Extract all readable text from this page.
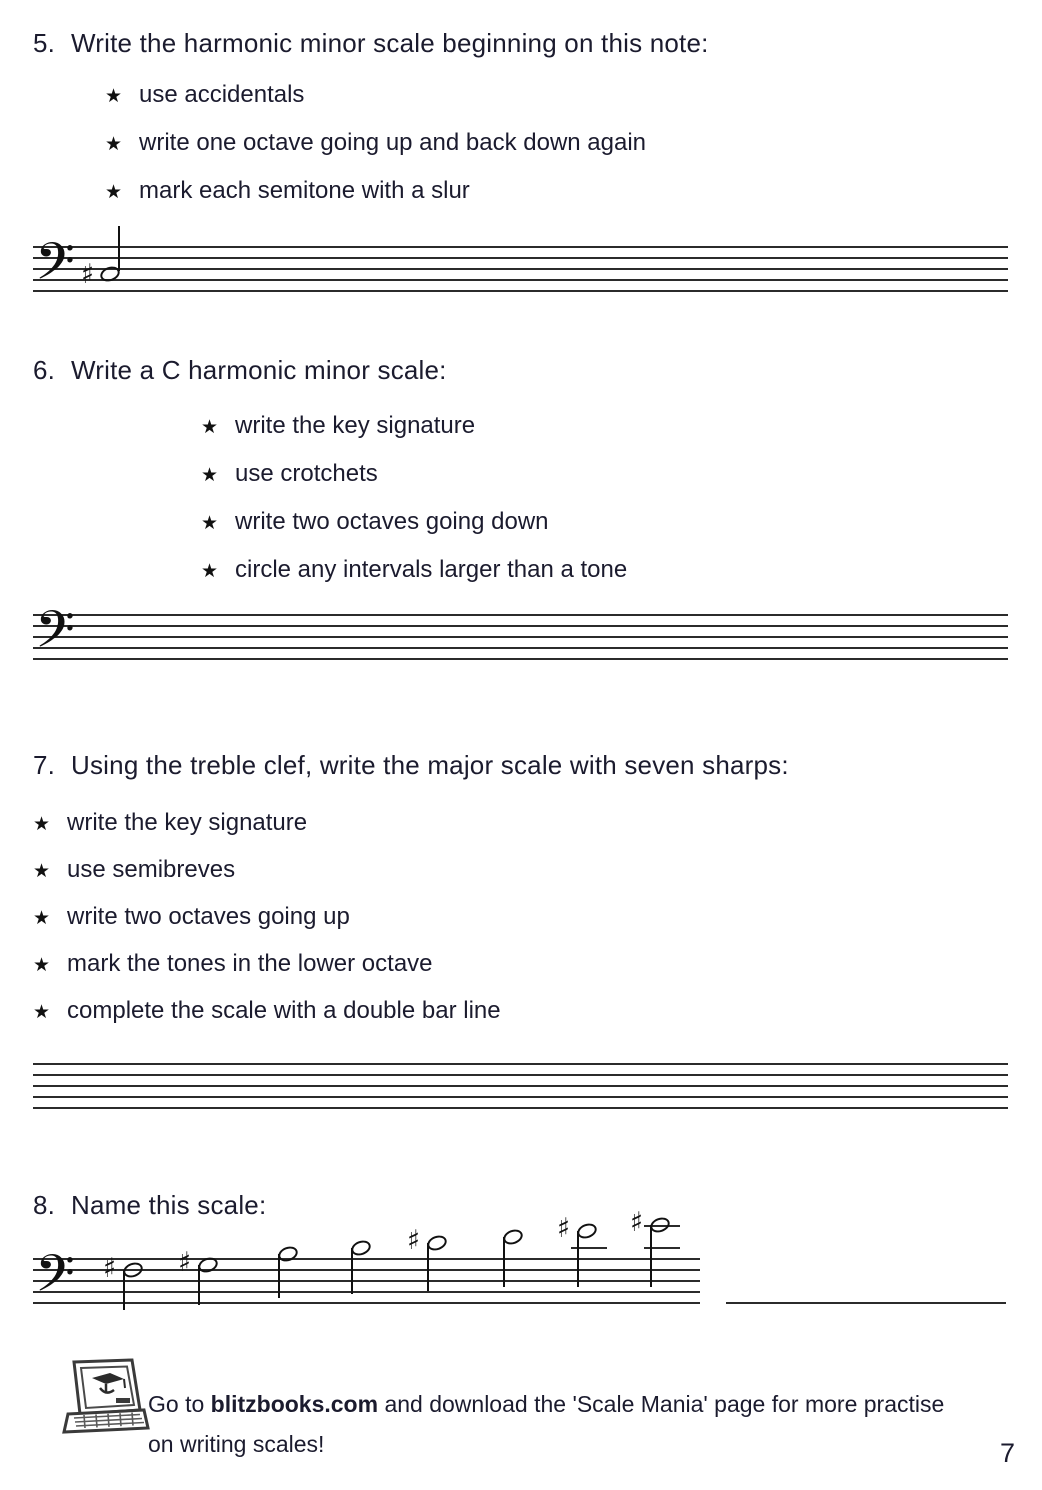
5. Write the harmonic minor scale beginning on this note:
★ use accidentals
★ write one octave going up and back down again
★ mark each semitone with a slur
𝄢 ♯
6. Write a C harmonic minor scale:
★ write the key signature
★ use crotchets
★ write two octaves going down
★ circle any intervals larger than a tone
𝄢
7. Using the treble clef, write the major scale with seven sharps:
★ write the key signature
★ use semibreves
★ write two octaves going up
★ mark the tones in the lower octave
★ complete the scale with a double bar line
8. Name this scale:
𝄢 ♯ ♯
♯	♯ ♯
Go to blitzbooks.com and download the 'Scale Mania' page for more practise
on writing scales!	7
